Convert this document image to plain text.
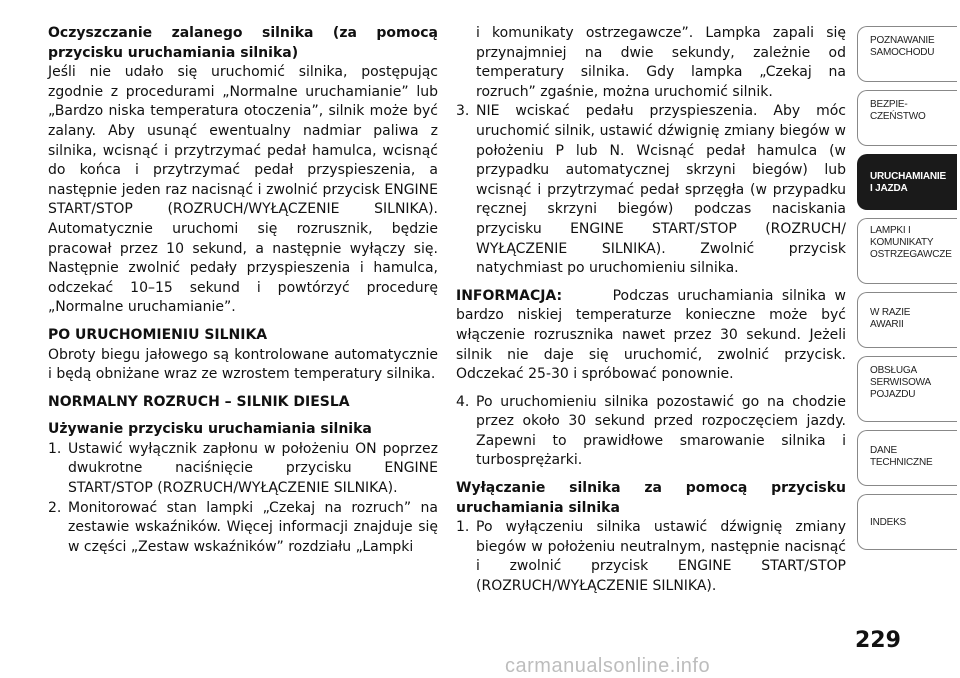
Oczyszczanie zalanego silnika (za pomocą przycisku uruchamiania silnika)

Jeśli nie udało się uruchomić silnika, postępując zgodnie z procedurami „Normalne uruchamianie” lub „Bardzo niska temperatura otoczenia”, silnik może być zalany. Aby usunąć ewentualny nadmiar paliwa z silnika, wcisnąć i przytrzymać pedał hamulca, wcisnąć do końca i przytrzymać pedał przyspieszenia, a następnie jeden raz nacisnąć i zwolnić przycisk ENGINE START/STOP (ROZRUCH/WYŁĄCZENIE SILNIKA). Automatycznie uruchomi się rozrusznik, będzie pracował przez 10 sekund, a następnie wyłączy się. Następnie zwolnić pedały przyspieszenia i hamulca, odczekać 10–15 sekund i powtórzyć procedurę „Normalne uruchamianie”.

PO URUCHOMIENIU SILNIKA

Obroty biegu jałowego są kontrolowane automatycznie i będą obniżane wraz ze wzrostem temperatury silnika.

NORMALNY ROZRUCH – SILNIK DIESLA

Używanie przycisku uruchamiania silnika

1. Ustawić wyłącznik zapłonu w położeniu ON poprzez dwukrotne naciśnięcie przycisku ENGINE START/STOP (ROZRUCH/WYŁĄCZENIE SILNIKA).
2. Monitorować stan lampki „Czekaj na rozruch” na zestawie wskaźników. Więcej informacji znajduje się w części „Zestaw wskaźników” rozdziału „Lampki

i komunikaty ostrzegawcze”. Lampka zapali się przynajmniej na dwie sekundy, zależnie od temperatury silnika. Gdy lampka „Czekaj na rozruch” zgaśnie, można uruchomić silnik.

3. NIE wciskać pedału przyspieszenia. Aby móc uruchomić silnik, ustawić dźwignię zmiany biegów w położeniu P lub N. Wcisnąć pedał hamulca (w przypadku automatycznej skrzyni biegów) lub wcisnąć i przytrzymać pedał sprzęgła (w przypadku ręcznej skrzyni biegów) podczas naciskania przycisku ENGINE START/STOP (ROZRUCH/ WYŁĄCZENIE SILNIKA). Zwolnić przycisk natychmiast po uruchomieniu silnika.

INFORMACJA:	Podczas uruchamiania silnika w bardzo niskiej temperaturze konieczne może być włączenie rozrusznika nawet przez 30 sekund. Jeżeli silnik nie daje się uruchomić, zwolnić przycisk. Odczekać 25-30 i spróbować ponownie.

4. Po uruchomieniu silnika pozostawić go na chodzie przez około 30 sekund przed rozpoczęciem jazdy. Zapewni to prawidłowe smarowanie silnika i turbosprężarki.

Wyłączanie silnika za pomocą przycisku uruchamiania silnika

1. Po wyłączeniu silnika ustawić dźwignię zmiany biegów w położeniu neutralnym, następnie nacisnąć i zwolnić przycisk ENGINE START/STOP (ROZRUCH/WYŁĄCZENIE SILNIKA).
POZNAWANIE
SAMOCHODU
BEZPIE-
CZEŃSTWO
URUCHAMIANIE
I JAZDA
LAMPKI I
KOMUNIKATY
OSTRZEGAWCZE
W RAZIE
AWARII
OBSŁUGA
SERWISOWA
POJAZDU
DANE
TECHNICZNE
INDEKS
229
carmanualsonline.info
